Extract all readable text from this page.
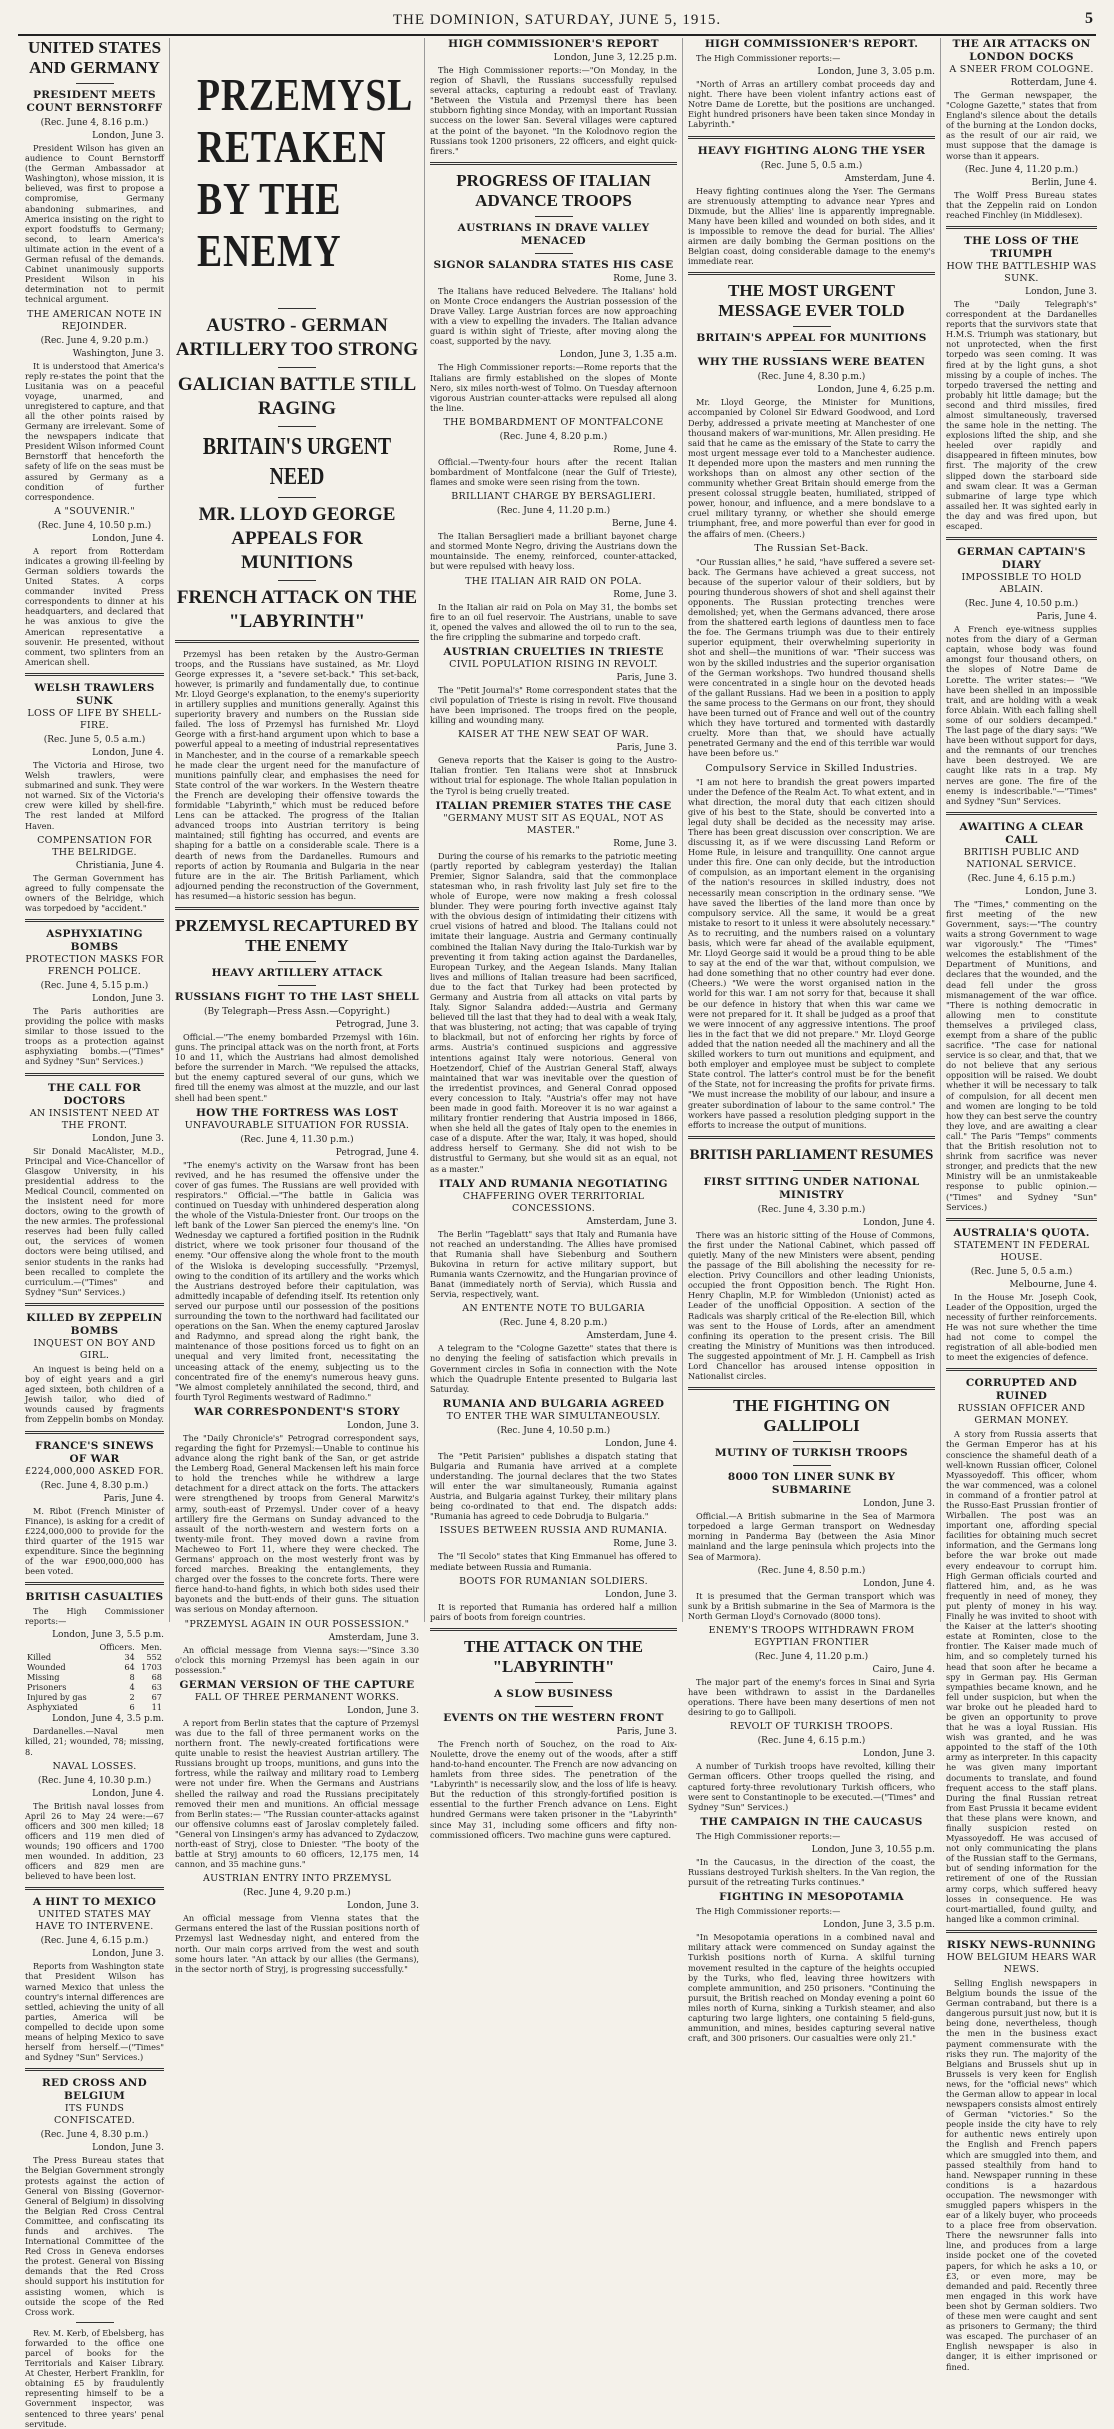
THE DOMINION, SATURDAY, JUNE 5, 1915.	5
UNITED STATES AND GERMANY
PRESIDENT MEETS COUNT BERNSTORFF
(Rec. June 4, 8.16 p.m.)
London, June 3.

President Wilson has given an audience to Count Bernstorff (the German Ambassador at Washington), whose mission, it is believed, was first to propose a compromise, Germany abandoning submarines, and America insisting on the right to export foodstuffs to Germany; second, to learn America's ultimate action in the event of a German refusal of the demands. Cabinet unanimously supports President Wilson in his determination not to permit technical argument.

THE AMERICAN NOTE IN REJOINDER.
(Rec. June 4, 9.20 p.m.)
Washington, June 3.

It is understood that America's reply re-states the point that the Lusitania was on a peaceful voyage, unarmed, and unregistered to capture, and that all the other points raised by Germany are irrelevant. Some of the newspapers indicate that President Wilson informed Count Bernstorff that henceforth the safety of life on the seas must be assured by Germany as a condition of further correspondence.

A "SOUVENIR."
(Rec. June 4, 10.50 p.m.)
London, June 4.

A report from Rotterdam indicates a growing ill-feeling by German soldiers towards the United States. A corps commander invited Press correspondents to dinner at his headquarters, and declared that he was anxious to give the American representative a souvenir. He presented, without comment, two splinters from an American shell.

WELSH TRAWLERS SUNK
LOSS OF LIFE BY SHELL-FIRE.
(Rec. June 5, 0.5 a.m.)
London, June 4.

The Victoria and Hirose, two Welsh trawlers, were submarined and sunk. They were not warned. Six of the Victoria's crew were killed by shell-fire. The rest landed at Milford Haven.

COMPENSATION FOR THE BELRIDGE.
Christiania, June 4.

The German Government has agreed to fully compensate the owners of the Belridge, which was torpedoed by "accident."

ASPHYXIATING BOMBS
PROTECTION MASKS FOR FRENCH POLICE.
(Rec. June 4, 5.15 p.m.)
London, June 3.

The Paris authorities are providing the police with masks similar to those issued to the troops as a protection against asphyxiating bombs.—("Times" and Sydney "Sun" Services.)

THE CALL FOR DOCTORS
AN INSISTENT NEED AT THE FRONT.
London, June 3.

Sir Donald MacAlister, M.D., Principal and Vice-Chancellor of Glasgow University, in his presidential address to the Medical Council, commented on the insistent need for more doctors, owing to the growth of the new armies. The professional reserves had been fully called out, the services of women doctors were being utilised, and senior students in the ranks had been recalled to complete the curriculum.—("Times" and Sydney "Sun" Services.)

KILLED BY ZEPPELIN BOMBS
INQUEST ON BOY AND GIRL.

An inquest is being held on a boy of eight years and a girl aged sixteen, both children of a Jewish tailor, who died of wounds caused by fragments from Zeppelin bombs on Monday.

FRANCE'S SINEWS OF WAR
£224,000,000 ASKED FOR.
(Rec. June 4, 8.30 p.m.)
Paris, June 4.

M. Ribot (French Minister of Finance), is asking for a credit of £224,000,000 to provide for the third quarter of the 1915 war expenditure. Since the beginning of the war £900,000,000 has been voted.

BRITISH CASUALTIES

The High Commissioner reports:—

London, June 3, 5.5 p.m.
	Officers.	Men.
Killed	34	552
Wounded	64	1703
Missing	8	68
Prisoners	4	63
Injured by gas	2	67
Asphyxiated	6	11
London, June 4, 3.5 p.m.

Dardanelles.—Naval men killed, 21; wounded, 78; missing, 8.

NAVAL LOSSES.
(Rec. June 4, 10.30 p.m.)
London, June 4.

The British naval losses from April 26 to May 24 were:—67 officers and 300 men killed; 18 officers and 119 men died of wounds; 190 officers and 1700 men wounded. In addition, 23 officers and 829 men are believed to have been lost.

A HINT TO MEXICO
UNITED STATES MAY HAVE TO INTERVENE.
(Rec. June 4, 6.15 p.m.)
London, June 3.

Reports from Washington state that President Wilson has warned Mexico that unless the country's internal differences are settled, achieving the unity of all parties, America will be compelled to decide upon some means of helping Mexico to save herself from herself.—("Times" and Sydney "Sun" Services.)

RED CROSS AND BELGIUM
ITS FUNDS CONFISCATED.
(Rec. June 4, 8.30 p.m.)
London, June 3.

The Press Bureau states that the Belgian Government strongly protests against the action of General von Bissing (Governor-General of Belgium) in dissolving the Belgian Red Cross Central Committee, and confiscating its funds and archives. The International Committee of the Red Cross in Geneva endorses the protest. General von Bissing demands that the Red Cross should support his institution for assisting women, which is outside the scope of the Red Cross work.

Rev. M. Kerb, of Ebelsberg, has forwarded to the office one parcel of books for the Territorials and Kaiser Library. At Chester, Herbert Franklin, for obtaining £5 by fraudulently representing himself to be a Government inspector, was sentenced to three years' penal servitude.

PRZEMYSL RETAKEN BY THE ENEMY
AUSTRO - GERMAN ARTILLERY TOO STRONG
GALICIAN BATTLE STILL RAGING
BRITAIN'S URGENT NEED
MR. LLOYD GEORGE APPEALS FOR MUNITIONS
FRENCH ATTACK ON THE "LABYRINTH"

Przemysl has been retaken by the Austro-German troops, and the Russians have sustained, as Mr. Lloyd George expresses it, a "severe set-back." This set-back, however, is primarily and fundamentally due, to continue Mr. Lloyd George's explanation, to the enemy's superiority in artillery supplies and munitions generally. Against this superiority bravery and numbers on the Russian side failed. The loss of Przemysl has furnished Mr. Lloyd George with a first-hand argument upon which to base a powerful appeal to a meeting of industrial representatives in Manchester, and in the course of a remarkable speech he made clear the urgent need for the manufacture of munitions painfully clear, and emphasises the need for State control of the war workers. In the Western theatre the French are developing their offensive towards the formidable "Labyrinth," which must be reduced before Lens can be attacked. The progress of the Italian advanced troops into Austrian territory is being maintained; still fighting has occurred, and events are shaping for a battle on a considerable scale. There is a dearth of news from the Dardanelles. Rumours and reports of action by Roumania and Bulgaria in the near future are in the air. The British Parliament, which adjourned pending the reconstruction of the Government, has resumed—a historic session has begun.

PRZEMYSL RECAPTURED BY THE ENEMY
HEAVY ARTILLERY ATTACK
RUSSIANS FIGHT TO THE LAST SHELL
(By Telegraph—Press Assn.—Copyright.)
Petrograd, June 3.

Official.—"The enemy bombarded Przemysl with 16in. guns. The principal attack was on the north front, at Forts 10 and 11, which the Austrians had almost demolished before the surrender in March. "We repulsed the attacks, but the enemy captured several of our guns, which we fired till the enemy was almost at the muzzle, and our last shell had been spent."

HOW THE FORTRESS WAS LOST
UNFAVOURABLE SITUATION FOR RUSSIA.
(Rec. June 4, 11.30 p.m.)
Petrograd, June 4.

"The enemy's activity on the Warsaw front has been revived, and he has resumed the offensive under the cover of gas fumes. The Russians are well provided with respirators." Official.—"The battle in Galicia was continued on Tuesday with unhindered desperation along the whole of the Vistula-Dniester front. Our troops on the left bank of the Lower San pierced the enemy's line. "On Wednesday we captured a fortified position in the Rudnik district, where we took prisoner four thousand of the enemy. "Our offensive along the whole front to the mouth of the Wisloka is developing successfully. "Przemysl, owing to the condition of its artillery and the works which the Austrians destroyed before their capitulation, was admittedly incapable of defending itself. Its retention only served our purpose until our possession of the positions surrounding the town to the northward had facilitated our operations on the San. When the enemy captured Jaroslav and Radymno, and spread along the right bank, the maintenance of those positions forced us to fight on an unequal and very limited front, necessitating the unceasing attack of the enemy, subjecting us to the concentrated fire of the enemy's numerous heavy guns. "We almost completely annihilated the second, third, and fourth Tyrol Regiments westward of Radimno."

WAR CORRESPONDENT'S STORY
London, June 3.

The "Daily Chronicle's" Petrograd correspondent says, regarding the fight for Przemysl:—Unable to continue his advance along the right bank of the San, or get astride the Lemberg Road, General Mackensen left his main force to hold the trenches while he withdrew a large detachment for a direct attack on the forts. The attackers were strengthened by troops from General Marwitz's army, south-east of Przemysl. Under cover of a heavy artillery fire the Germans on Sunday advanced to the assault of the north-western and western forts on a twenty-mile front. They moved down a ravine from Macheweo to Fort 11, where they were checked. The Germans' approach on the most westerly front was by forced marches. Breaking the entanglements, they charged over the fosses to the concrete forts. There were fierce hand-to-hand fights, in which both sides used their bayonets and the butt-ends of their guns. The situation was serious on Monday afternoon.

"PRZEMYSL AGAIN IN OUR POSSESSION."
Amsterdam, June 3.

An official message from Vienna says:—"Since 3.30 o'clock this morning Przemysl has been again in our possession."

GERMAN VERSION OF THE CAPTURE
FALL OF THREE PERMANENT WORKS.
London, June 3.

A report from Berlin states that the capture of Przemysl was due to the fall of three permanent works on the northern front. The newly-created fortifications were quite unable to resist the heaviest Austrian artillery. The Russians brought up troops, munitions, and guns into the fortress, while the railway and military road to Lemberg were not under fire. When the Germans and Austrians shelled the railway and road the Russians precipitately removed their men and munitions. An official message from Berlin states:— "The Russian counter-attacks against our offensive columns east of Jaroslav completely failed. "General von Linsingen's army has advanced to Zydaczow, north-east of Stryj, close to Dniester. "The booty of the battle at Stryj amounts to 60 officers, 12,175 men, 14 cannon, and 35 machine guns."

AUSTRIAN ENTRY INTO PRZEMYSL
(Rec. June 4, 9.20 p.m.)
London, June 3.

An official message from Vienna states that the Germans entered the last of the Russian positions north of Przemysl last Wednesday night, and entered from the north. Our main corps arrived from the west and south some hours later. "An attack by our allies (the Germans), in the sector north of Stryj, is progressing successfully."

HIGH COMMISSIONER'S REPORT
London, June 3, 12.25 p.m.

The High Commissioner reports:—"On Monday, in the region of Shavli, the Russians successfully repulsed several attacks, capturing a redoubt east of Travlany. "Between the Vistula and Przemysl there has been stubborn fighting since Monday, with an important Russian success on the lower San. Several villages were captured at the point of the bayonet. "In the Kolodnovo region the Russians took 1200 prisoners, 22 officers, and eight quick-firers."

PROGRESS OF ITALIAN ADVANCE TROOPS
AUSTRIANS IN DRAVE VALLEY MENACED
SIGNOR SALANDRA STATES HIS CASE
Rome, June 3.

The Italians have reduced Belvedere. The Italians' hold on Monte Croce endangers the Austrian possession of the Drave Valley. Large Austrian forces are now approaching with a view to expelling the invaders. The Italian advance guard is within sight of Trieste, after moving along the coast, supported by the navy.

London, June 3, 1.35 a.m.

The High Commissioner reports:—Rome reports that the Italians are firmly established on the slopes of Monte Nero, six miles north-west of Tolmo. On Tuesday afternoon vigorous Austrian counter-attacks were repulsed all along the line.

THE BOMBARDMENT OF MONTFALCONE
(Rec. June 4, 8.20 p.m.)
Rome, June 4.

Official.—Twenty-four hours after the recent Italian bombardment of Montfalcone (near the Gulf of Trieste), flames and smoke were seen rising from the town.

BRILLIANT CHARGE BY BERSAGLIERI.
(Rec. June 4, 11.20 p.m.)
Berne, June 4.

The Italian Bersaglieri made a brilliant bayonet charge and stormed Monte Negro, driving the Austrians down the mountainside. The enemy, reinforced, counter-attacked, but were repulsed with heavy loss.

THE ITALIAN AIR RAID ON POLA.
Rome, June 3.

In the Italian air raid on Pola on May 31, the bombs set fire to an oil fuel reservoir. The Austrians, unable to save it, opened the valves and allowed the oil to run to the sea, the fire crippling the submarine and torpedo craft.

AUSTRIAN CRUELTIES IN TRIESTE
CIVIL POPULATION RISING IN REVOLT.
Paris, June 3.

The "Petit Journal's" Rome correspondent states that the civil population of Trieste is rising in revolt. Five thousand have been imprisoned. The troops fired on the people, killing and wounding many.

KAISER AT THE NEW SEAT OF WAR.
Paris, June 3.

Geneva reports that the Kaiser is going to the Austro-Italian frontier. Ten Italians were shot at Innsbruck without trial for espionage. The whole Italian population in the Tyrol is being cruelly treated.

ITALIAN PREMIER STATES THE CASE
"GERMANY MUST SIT AS EQUAL, NOT AS MASTER."
Rome, June 3.

During the course of his remarks to the patriotic meeting (partly reported by cablegram yesterday) the Italian Premier, Signor Salandra, said that the commonplace statesman who, in rash frivolity last July set fire to the whole of Europe, were now making a fresh colossal blunder. They were pouring forth invective against Italy with the obvious design of intimidating their citizens with cruel visions of hatred and blood. The Italians could not imitate their language. Austria and Germany continually combined the Italian Navy during the Italo-Turkish war by preventing it from taking action against the Dardanelles, European Turkey, and the Aegean Islands. Many Italian lives and millions of Italian treasure had been sacrificed, due to the fact that Turkey had been protected by Germany and Austria from all attacks on vital parts by Italy. Signor Salandra added:—Austria and Germany believed till the last that they had to deal with a weak Italy, that was blustering, not acting; that was capable of trying to blackmail, but not of enforcing her rights by force of arms. Austria's continued suspicions and aggressive intentions against Italy were notorious. General von Hoetzendorf, Chief of the Austrian General Staff, always maintained that war was inevitable over the question of the irredentist provinces, and General Conrad opposed every concession to Italy. "Austria's offer may not have been made in good faith. Moreover it is no war against a military frontier rendering that Austria imposed in 1866, when she held all the gates of Italy open to the enemies in case of a dispute. After the war, Italy, it was hoped, should address herself to Germany. She did not wish to be distrustful to Germany, but she would sit as an equal, not as a master."

ITALY AND RUMANIA NEGOTIATING
CHAFFERING OVER TERRITORIAL CONCESSIONS.
Amsterdam, June 3.

The Berlin "Tageblatt" says that Italy and Rumania have not reached an understanding. The Allies have promised that Rumania shall have Siebenburg and Southern Bukovina in return for active military support, but Rumania wants Czernowitz, and the Hungarian province of Banat (immediately north of Servia), which Russia and Servia, respectively, want.

AN ENTENTE NOTE TO BULGARIA
(Rec. June 4, 8.20 p.m.)
Amsterdam, June 4.

A telegram to the "Cologne Gazette" states that there is no denying the feeling of satisfaction which prevails in Government circles in Sofia in connection with the Note which the Quadruple Entente presented to Bulgaria last Saturday.

RUMANIA AND BULGARIA AGREED
TO ENTER THE WAR SIMULTANEOUSLY.
(Rec. June 4, 10.50 p.m.)
London, June 4.

The "Petit Parisien" publishes a dispatch stating that Bulgaria and Rumania have arrived at a complete understanding. The journal declares that the two States will enter the war simultaneously, Rumania against Austria, and Bulgaria against Turkey, their military plans being co-ordinated to that end. The dispatch adds: "Rumania has agreed to cede Dobrudja to Bulgaria."

ISSUES BETWEEN RUSSIA AND RUMANIA.
Rome, June 3.

The "Il Secolo" states that King Emmanuel has offered to mediate between Russia and Rumania.

BOOTS FOR RUMANIAN SOLDIERS.
London, June 3.

It is reported that Rumania has ordered half a million pairs of boots from foreign countries.

THE ATTACK ON THE "LABYRINTH"
A SLOW BUSINESS
EVENTS ON THE WESTERN FRONT
Paris, June 3.

The French north of Souchez, on the road to Aix-Noulette, drove the enemy out of the woods, after a stiff hand-to-hand encounter. The French are now advancing on hamlets from three sides. The penetration of the "Labyrinth" is necessarily slow, and the loss of life is heavy. But the reduction of this strongly-fortified position is essential to the further French advance on Lens. Eight hundred Germans were taken prisoner in the "Labyrinth" since May 31, including some officers and fifty non-commissioned officers. Two machine guns were captured.

HIGH COMMISSIONER'S REPORT.

The High Commissioner reports:—

London, June 3, 3.05 p.m.

"North of Arras an artillery combat proceeds day and night. There have been violent infantry actions east of Notre Dame de Lorette, but the positions are unchanged. Eight hundred prisoners have been taken since Monday in Labyrinth."

HEAVY FIGHTING ALONG THE YSER
(Rec. June 5, 0.5 a.m.)
Amsterdam, June 4.

Heavy fighting continues along the Yser. The Germans are strenuously attempting to advance near Ypres and Dixmude, but the Allies' line is apparently impregnable. Many have been killed and wounded on both sides, and it is impossible to remove the dead for burial. The Allies' airmen are daily bombing the German positions on the Belgian coast, doing considerable damage to the enemy's immediate rear.

THE MOST URGENT MESSAGE EVER TOLD
BRITAIN'S APPEAL FOR MUNITIONS
WHY THE RUSSIANS WERE BEATEN
(Rec. June 4, 8.30 p.m.)
London, June 4, 6.25 p.m.

Mr. Lloyd George, the Minister for Munitions, accompanied by Colonel Sir Edward Goodwood, and Lord Derby, addressed a private meeting at Manchester of one thousand makers of war-munitions, Mr. Allen presiding. He said that he came as the emissary of the State to carry the most urgent message ever told to a Manchester audience. It depended more upon the masters and men running the workshops than on almost any other section of the community whether Great Britain should emerge from the present colossal struggle beaten, humiliated, stripped of power, honour, and influence, and a mere bondslave to a cruel military tyranny, or whether she should emerge triumphant, free, and more powerful than ever for good in the affairs of men. (Cheers.)

The Russian Set-Back.

"Our Russian allies," he said, "have suffered a severe set-back. The Germans have achieved a great success, not because of the superior valour of their soldiers, but by pouring thunderous showers of shot and shell against their opponents. The Russian protecting trenches were demolished; yet, when the Germans advanced, there arose from the shattered earth legions of dauntless men to face the foe. The Germans triumph was due to their entirely superior equipment, their overwhelming superiority in shot and shell—the munitions of war. "Their success was won by the skilled industries and the superior organisation of the German workshops. Two hundred thousand shells were concentrated in a single hour on the devoted heads of the gallant Russians. Had we been in a position to apply the same process to the Germans on our front, they should have been turned out of France and well out of the country which they have tortured and tormented with dastardly cruelty. More than that, we should have actually penetrated Germany and the end of this terrible war would have been before us."

Compulsory Service in Skilled Industries.

"I am not here to brandish the great powers imparted under the Defence of the Realm Act. To what extent, and in what direction, the moral duty that each citizen should give of his best to the State, should be converted into a legal duty shall be decided as the necessity may arise. There has been great discussion over conscription. We are discussing it, as if we were discussing Land Reform or Home Rule, in leisure and tranquillity. One cannot argue under this fire. One can only decide, but the introduction of compulsion, as an important element in the organising of the nation's resources in skilled industry, does not necessarily mean conscription in the ordinary sense. "We have saved the liberties of the land more than once by compulsory service. All the same, it would be a great mistake to resort to it unless it were absolutely necessary." As to recruiting, and the numbers raised on a voluntary basis, which were far ahead of the available equipment, Mr. Lloyd George said it would be a proud thing to be able to say at the end of the war that, without compulsion, we had done something that no other country had ever done. (Cheers.) "We were the worst organised nation in the world for this war. I am not sorry for that, because it shall be our defence in history that when this war came we were not prepared for it. It shall be judged as a proof that we were innocent of any aggressive intentions. The proof lies in the fact that we did not prepare." Mr. Lloyd George added that the nation needed all the machinery and all the skilled workers to turn out munitions and equipment, and both employer and employee must be subject to complete State control. The latter's control must be for the benefit of the State, not for increasing the profits for private firms. "We must increase the mobility of our labour, and insure a greater subordination of labour to the same control." The workers have passed a resolution pledging support in the efforts to increase the output of munitions.

BRITISH PARLIAMENT RESUMES
FIRST SITTING UNDER NATIONAL MINISTRY
(Rec. June 4, 3.30 p.m.)
London, June 4.

There was an historic sitting of the House of Commons, the first under the National Cabinet, which passed off quietly. Many of the new Ministers were absent, pending the passage of the Bill abolishing the necessity for re-election. Privy Councillors and other leading Unionists, occupied the front Opposition bench. The Right Hon. Henry Chaplin, M.P. for Wimbledon (Unionist) acted as Leader of the unofficial Opposition. A section of the Radicals was sharply critical of the Re-election Bill, which was sent to the House of Lords, after an amendment confining its operation to the present crisis. The Bill creating the Ministry of Munitions was then introduced. The suggested appointment of Mr. J. H. Campbell as Irish Lord Chancellor has aroused intense opposition in Nationalist circles.

THE FIGHTING ON GALLIPOLI
MUTINY OF TURKISH TROOPS
8000 TON LINER SUNK BY SUBMARINE
London, June 3.

Official.—A British submarine in the Sea of Marmora torpedoed a large German transport on Wednesday morning in Panderma Bay (between the Asia Minor mainland and the large peninsula which projects into the Sea of Marmora).

(Rec. June 4, 8.50 p.m.)
London, June 4.

It is presumed that the German transport which was sunk by a British submarine in the Sea of Marmora is the North German Lloyd's Cornovado (8000 tons).

ENEMY'S TROOPS WITHDRAWN FROM EGYPTIAN FRONTIER
(Rec. June 4, 11.20 p.m.)
Cairo, June 4.

The major part of the enemy's forces in Sinai and Syria have been withdrawn to assist in the Dardanelles operations. There have been many desertions of men not desiring to go to Gallipoli.

REVOLT OF TURKISH TROOPS.
(Rec. June 4, 6.15 p.m.)
London, June 3.

A number of Turkish troops have revolted, killing their German officers. Other troops quelled the rising, and captured forty-three revolutionary Turkish officers, who were sent to Constantinople to be executed.—("Times" and Sydney "Sun" Services.)

THE CAMPAIGN IN THE CAUCASUS

The High Commissioner reports:—

London, June 3, 10.55 p.m.

"In the Caucasus, in the direction of the coast, the Russians destroyed Turkish shelters. In the Van region, the pursuit of the retreating Turks continues."

FIGHTING IN MESOPOTAMIA

The High Commissioner reports:—

London, June 3, 3.5 p.m.

"In Mesopotamia operations in a combined naval and military attack were commenced on Sunday against the Turkish positions north of Kurna. A skilful turning movement resulted in the capture of the heights occupied by the Turks, who fled, leaving three howitzers with complete ammunition, and 250 prisoners. "Continuing the pursuit, the British reached on Monday evening a point 60 miles north of Kurna, sinking a Turkish steamer, and also capturing two large lighters, one containing 5 field-guns, ammunition, and mines, besides capturing several native craft, and 300 prisoners. Our casualties were only 21."

THE AIR ATTACKS ON LONDON DOCKS
A SNEER FROM COLOGNE.
Rotterdam, June 4.

The German newspaper, the "Cologne Gazette," states that from England's silence about the details of the burning at the London docks, as the result of our air raid, we must suppose that the damage is worse than it appears.

(Rec. June 4, 11.20 p.m.)
Berlin, June 4.

The Wolff Press Bureau states that the Zeppelin raid on London reached Finchley (in Middlesex).

THE LOSS OF THE TRIUMPH
HOW THE BATTLESHIP WAS SUNK.
London, June 3.

The "Daily Telegraph's" correspondent at the Dardanelles reports that the survivors state that H.M.S. Triumph was stationary, but not unprotected, when the first torpedo was seen coming. It was fired at by the light guns, a shot missing by a couple of inches. The torpedo traversed the netting and probably hit little damage; but the second and third missiles, fired almost simultaneously, traversed the same hole in the netting. The explosions lifted the ship, and she heeled over rapidly and disappeared in fifteen minutes, bow first. The majority of the crew slipped down the starboard side and swam clear. It was a German submarine of large type which assailed her. It was sighted early in the day and was fired upon, but escaped.

GERMAN CAPTAIN'S DIARY
IMPOSSIBLE TO HOLD ABLAIN.
(Rec. June 4, 10.50 p.m.)
Paris, June 4.

A French eye-witness supplies notes from the diary of a German captain, whose body was found amongst four thousand others, on the slopes of Notre Dame de Lorette. The writer states:— "We have been shelled in an impossible trait, and are holding with a weak force Ablain. With each falling shell some of our soldiers decamped." The last page of the diary says: "We have been without support for days, and the remnants of our trenches have been destroyed. We are caught like rats in a trap. My nerves are gone. The fire of the enemy is indescribable."—"Times" and Sydney "Sun" Services.

AWAITING A CLEAR CALL
BRITISH PUBLIC AND NATIONAL SERVICE.
(Rec. June 4, 6.15 p.m.)
London, June 3.

The "Times," commenting on the first meeting of the new Government, says:—"The country waits a strong Government to wage war vigorously." The "Times" welcomes the establishment of the Department of Munitions, and declares that the wounded, and the dead fell under the gross mismanagement of the war office. "There is nothing democratic in allowing men to constitute themselves a privileged class, exempt from a share of the public sacrifice. "The case for national service is so clear, and that, that we do not believe that any serious opposition will be raised. We doubt whether it will be necessary to talk of compulsion, for all decent men and women are longing to be told how they can best serve the country they love, and are awaiting a clear call." The Paris "Temps" comments that the British resolution not to shrink from sacrifice was never stronger, and predicts that the new Ministry will be an unmistakeable response to public opinion.—("Times" and Sydney "Sun" Services.)

AUSTRALIA'S QUOTA.
STATEMENT IN FEDERAL HOUSE.
(Rec. June 5, 0.5 a.m.)
Melbourne, June 4.

In the House Mr. Joseph Cook, Leader of the Opposition, urged the necessity of further reinforcements. He was not sure whether the time had not come to compel the registration of all able-bodied men to meet the exigencies of defence.

CORRUPTED AND RUINED
RUSSIAN OFFICER AND GERMAN MONEY.

A story from Russia asserts that the German Emperor has at his conscience the shameful death of a well-known Russian officer, Colonel Myassoyedoff. This officer, whom the war commenced, was a colonel in command of a frontier patrol at the Russo-East Prussian frontier of Wirballen. The post was an important one, affording special facilities for obtaining much secret information, and the Germans long before the war broke out made every endeavour to corrupt him. High German officials courted and flattered him, and, as he was frequently in need of money, they put plenty of money in his way. Finally he was invited to shoot with the Kaiser at the latter's shooting estate at Rominten, close to the frontier. The Kaiser made much of him, and so completely turned his head that soon after he became a spy in German pay. His German sympathies became known, and he fell under suspicion, but when the war broke out he pleaded hard to be given an opportunity to prove that he was a loyal Russian. His wish was granted, and he was appointed to the staff of the 10th army as interpreter. In this capacity he was given many important documents to translate, and found frequent access to the staff plans. During the final Russian retreat from East Prussia it became evident that these plans were known, and finally suspicion rested on Myassoyedoff. He was accused of not only communicating the plans of the Russian staff to the Germans, but of sending information for the retirement of one of the Russian army corps, which suffered heavy losses in consequence. He was court-martialled, found guilty, and hanged like a common criminal.

RISKY NEWS-RUNNING
HOW BELGIUM HEARS WAR NEWS.

Selling English newspapers in Belgium bounds the issue of the German contraband, but there is a dangerous pursuit just now, but it is being done, nevertheless, though the men in the business exact payment commensurate with the risks they run. The majority of the Belgians and Brussels shut up in Brussels is very keen for English news, for the "official news" which the German allow to appear in local newspapers consists almost entirely of German "victories." So the people inside the city have to rely for authentic news entirely upon the English and French papers which are smuggled into them, and passed stealthily from hand to hand. Newspaper running in these conditions is a hazardous occupation. The newsmonger with smuggled papers whispers in the ear of a likely buyer, who proceeds to a place free from observation. There the newsrunner falls into line, and produces from a large inside pocket one of the coveted papers, for which he asks a 10, or £3, or even more, may be demanded and paid. Recently three men engaged in this work have been shot by German soldiers. Two of these men were caught and sent as prisoners to Germany; the third was escaped. The purchaser of an English newspaper is also in danger, it is either imprisoned or fined.
